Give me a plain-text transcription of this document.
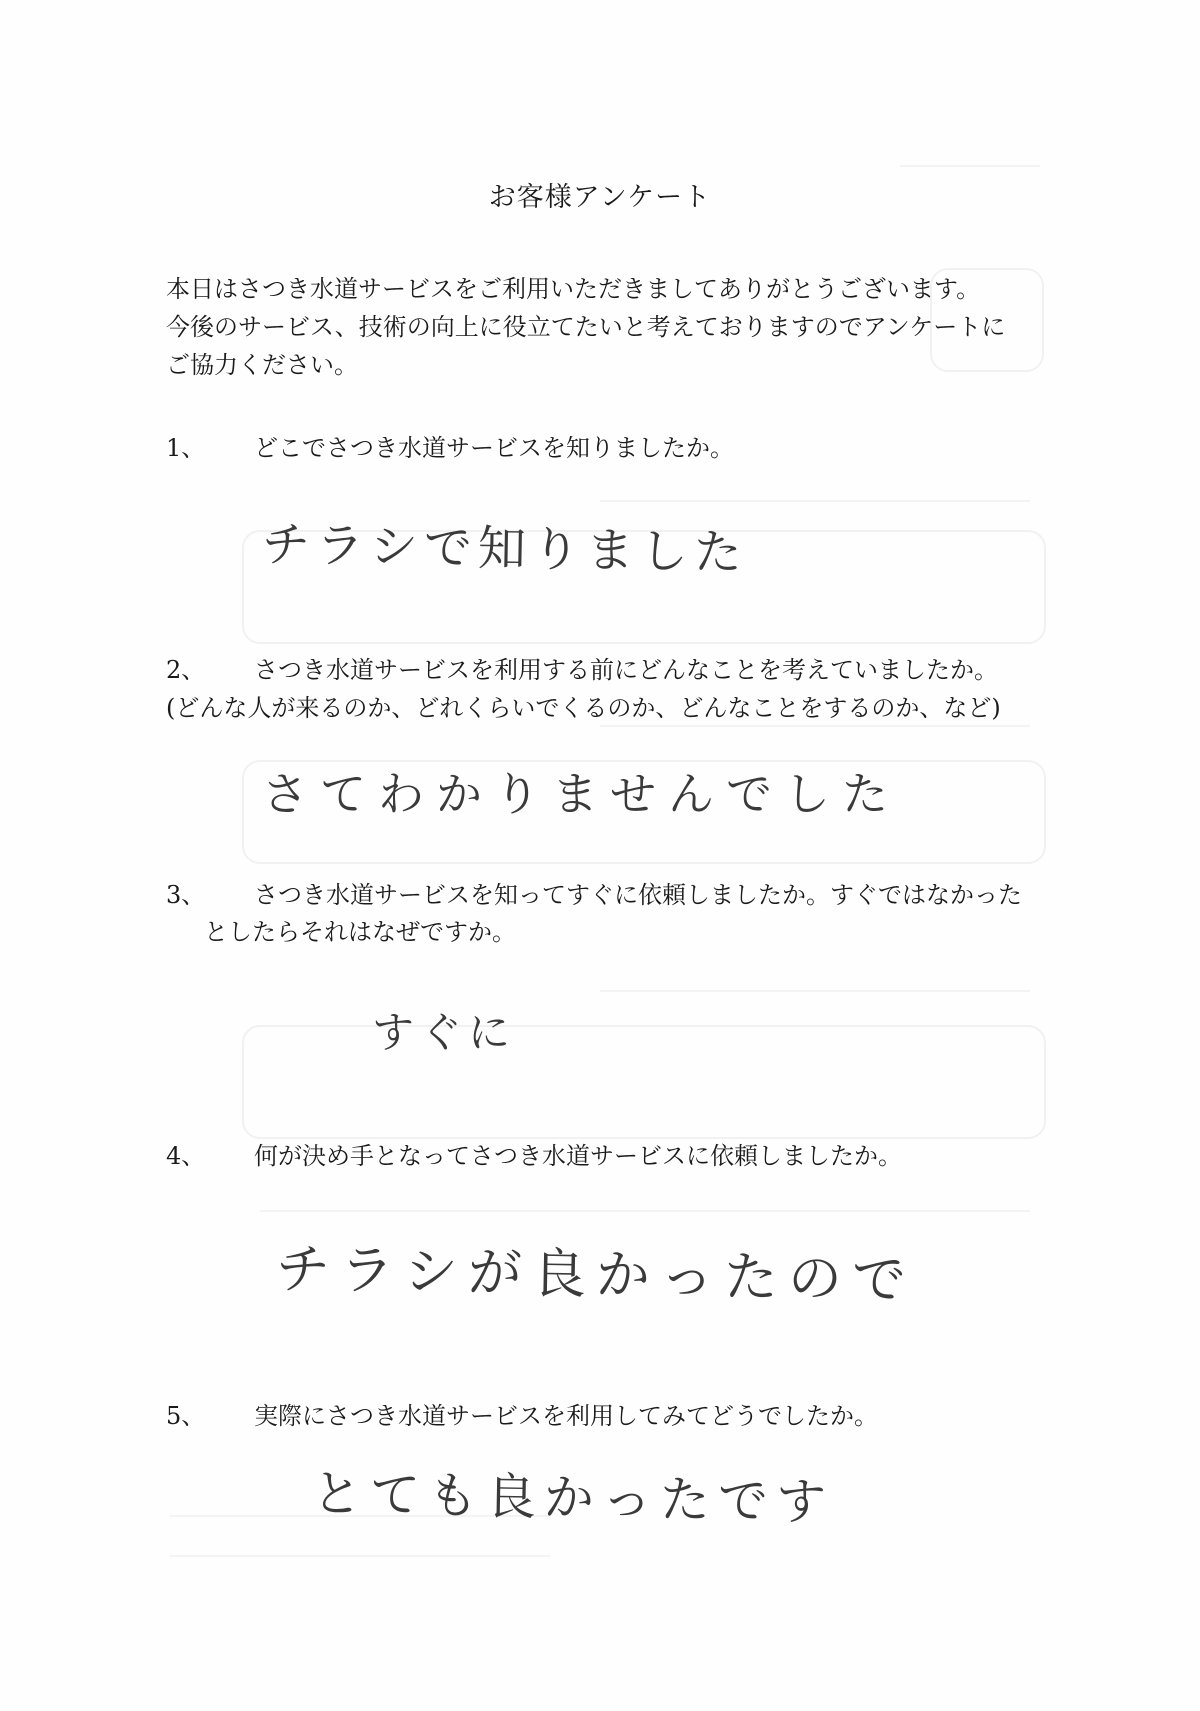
お客様アンケート

本日はさつき水道サービスをご利用いただきましてありがとうございます。

今後のサービス、技術の向上に役立てたいと考えておりますのでアンケートに

ご協力ください。

1、 どこでさつき水道サービスを知りましたか。
チラシで知りました
2、 さつき水道サービスを利用する前にどんなことを考えていましたか。
(どんな人が来るのか、どれくらいでくるのか、どんなことをするのか、など)
さてわかりませんでした
3、 さつき水道サービスを知ってすぐに依頼しましたか。すぐではなかった
としたらそれはなぜですか。
すぐに
4、 何が決め手となってさつき水道サービスに依頼しましたか。
チラシが良かったので
5、 実際にさつき水道サービスを利用してみてどうでしたか。
とても良かったです
